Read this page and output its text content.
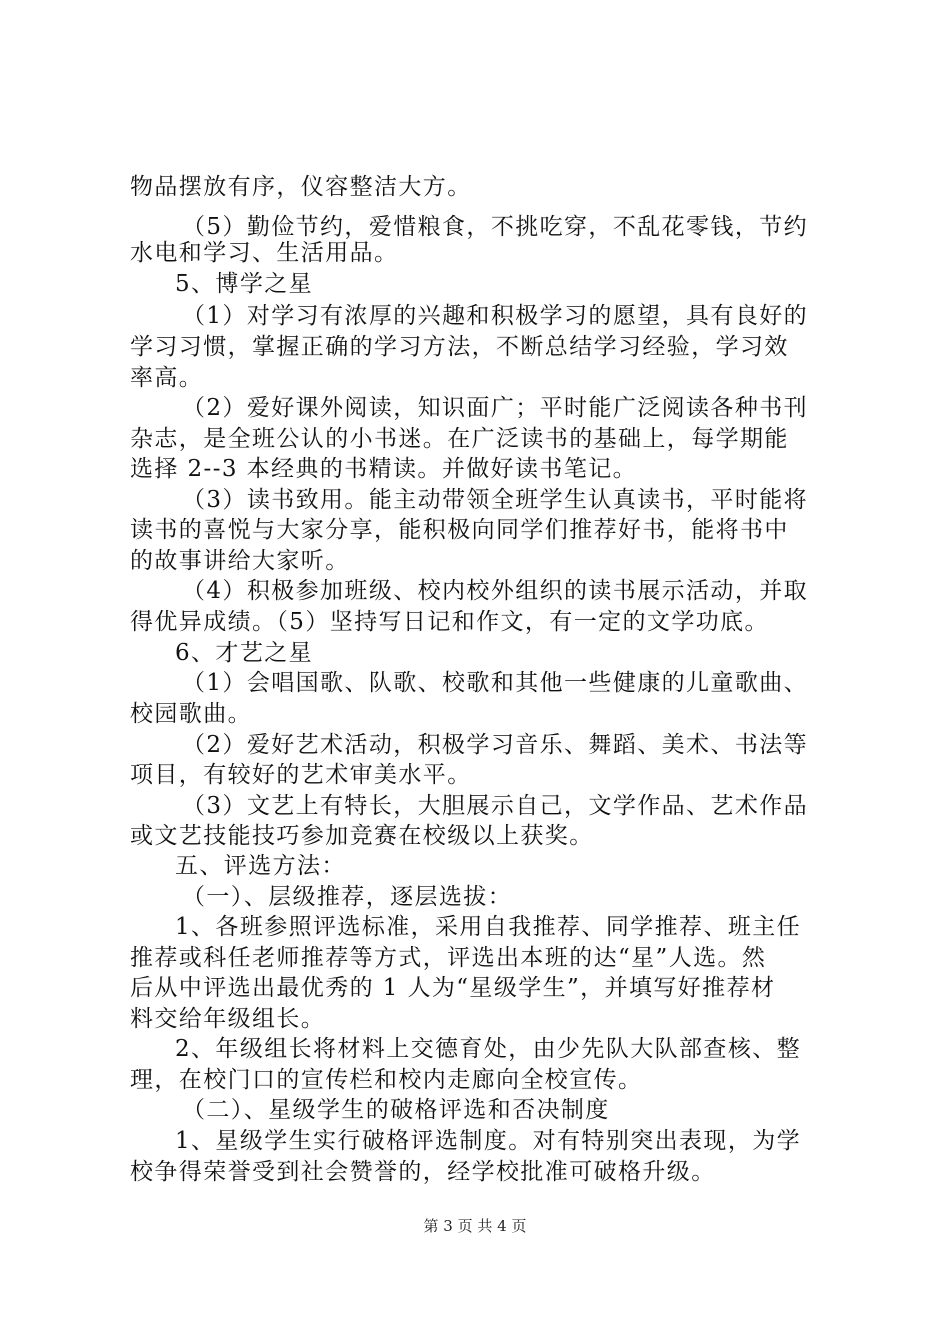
物品摆放有序，仪容整洁大方。
（5）勤俭节约，爱惜粮食，不挑吃穿，不乱花零钱，节约
水电和学习、生活用品。
5、博学之星
（1）对学习有浓厚的兴趣和积极学习的愿望，具有良好的
学习习惯，掌握正确的学习方法，不断总结学习经验，学习效
率高。
（2）爱好课外阅读，知识面广；平时能广泛阅读各种书刊
杂志，是全班公认的小书迷。在广泛读书的基础上，每学期能
选择 2--3 本经典的书精读。并做好读书笔记。
（3）读书致用。能主动带领全班学生认真读书，平时能将
读书的喜悦与大家分享，能积极向同学们推荐好书，能将书中
的故事讲给大家听。
（4）积极参加班级、校内校外组织的读书展示活动，并取
得优异成绩。（5）坚持写日记和作文，有一定的文学功底。
6、才艺之星
（1）会唱国歌、队歌、校歌和其他一些健康的儿童歌曲、
校园歌曲。
（2）爱好艺术活动，积极学习音乐、舞蹈、美术、书法等
项目，有较好的艺术审美水平。
（3）文艺上有特长，大胆展示自己，文学作品、艺术作品
或文艺技能技巧参加竞赛在校级以上获奖。
五、评选方法：
（一）、层级推荐，逐层选拔：
1、各班参照评选标准，采用自我推荐、同学推荐、班主任
推荐或科任老师推荐等方式，评选出本班的达“星”人选。然
后从中评选出最优秀的 1 人为“星级学生”，并填写好推荐材
料交给年级组长。
2、年级组长将材料上交德育处，由少先队大队部查核、整
理，在校门口的宣传栏和校内走廊向全校宣传。
（二）、星级学生的破格评选和否决制度
1、星级学生实行破格评选制度。对有特别突出表现，为学
校争得荣誉受到社会赞誉的，经学校批准可破格升级。
第 3 页 共 4 页
